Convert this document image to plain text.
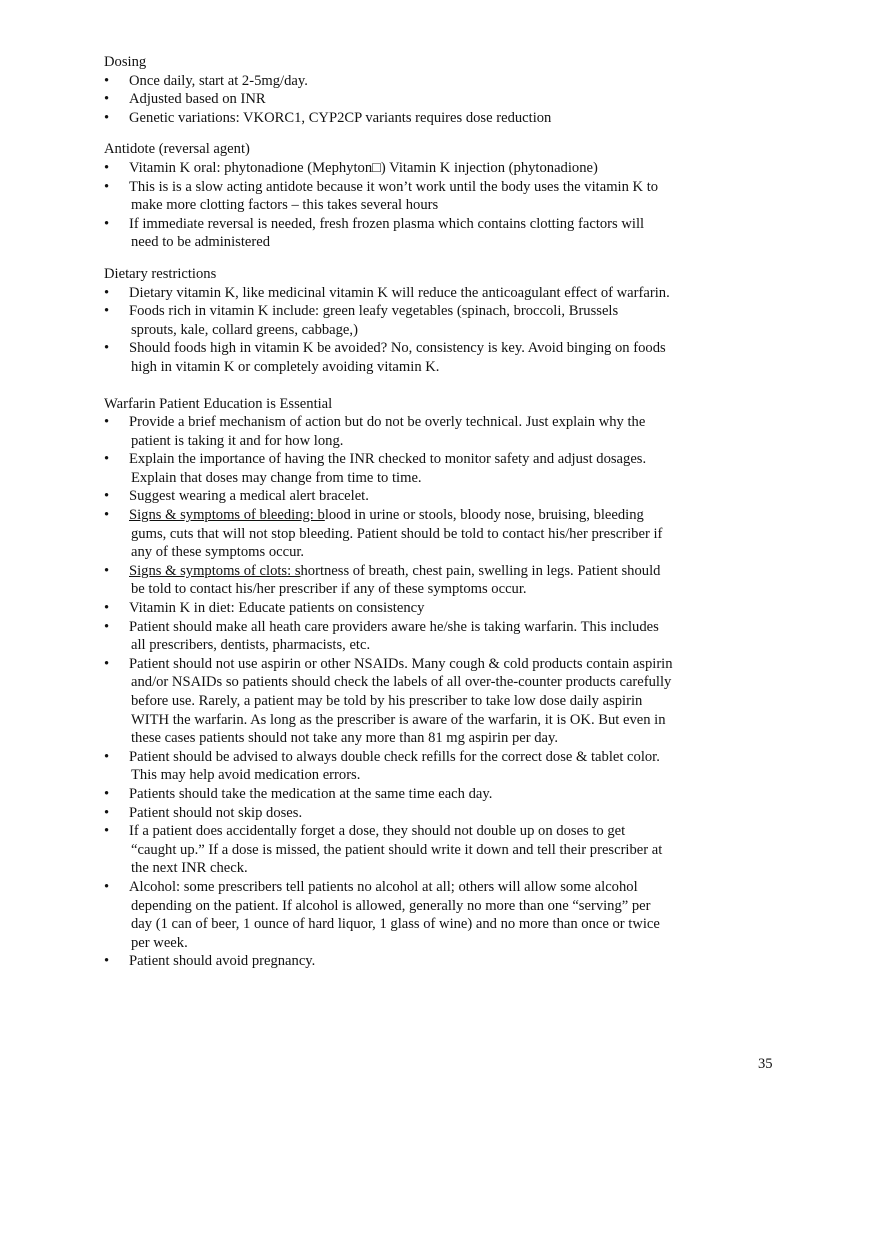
Dosing
• Once daily, start at 2-5mg/day.
• Adjusted based on INR
• Genetic variations: VKORC1, CYP2CP variants requires dose reduction
Antidote (reversal agent)
• Vitamin K oral: phytonadione (Mephyton□) Vitamin K injection (phytonadione)
• This is is a slow acting antidote because it won’t work until the body uses the vitamin K to
make more clotting factors – this takes several hours
• If immediate reversal is needed, fresh frozen plasma which contains clotting factors will
need to be administered
Dietary restrictions
• Dietary vitamin K, like medicinal vitamin K will reduce the anticoagulant effect of warfarin.
• Foods rich in vitamin K include: green leafy vegetables (spinach, broccoli, Brussels
sprouts, kale, collard greens, cabbage,)
• Should foods high in vitamin K be avoided? No, consistency is key. Avoid binging on foods
high in vitamin K or completely avoiding vitamin K.
Warfarin Patient Education is Essential
• Provide a brief mechanism of action but do not be overly technical. Just explain why the
patient is taking it and for how long.
• Explain the importance of having the INR checked to monitor safety and adjust dosages.
Explain that doses may change from time to time.
• Suggest wearing a medical alert bracelet.
• Signs & symptoms of bleeding: blood in urine or stools, bloody nose, bruising, bleeding
gums, cuts that will not stop bleeding. Patient should be told to contact his/her prescriber if
any of these symptoms occur.
• Signs & symptoms of clots: shortness of breath, chest pain, swelling in legs. Patient should
be told to contact his/her prescriber if any of these symptoms occur.
• Vitamin K in diet: Educate patients on consistency
• Patient should make all heath care providers aware he/she is taking warfarin. This includes
all prescribers, dentists, pharmacists, etc.
• Patient should not use aspirin or other NSAIDs. Many cough & cold products contain aspirin
and/or NSAIDs so patients should check the labels of all over-the-counter products carefully
before use. Rarely, a patient may be told by his prescriber to take low dose daily aspirin
WITH the warfarin. As long as the prescriber is aware of the warfarin, it is OK. But even in
these cases patients should not take any more than 81 mg aspirin per day.
• Patient should be advised to always double check refills for the correct dose & tablet color.
This may help avoid medication errors.
• Patients should take the medication at the same time each day.
• Patient should not skip doses.
• If a patient does accidentally forget a dose, they should not double up on doses to get
“caught up.” If a dose is missed, the patient should write it down and tell their prescriber at
the next INR check.
• Alcohol: some prescribers tell patients no alcohol at all; others will allow some alcohol
depending on the patient. If alcohol is allowed, generally no more than one “serving” per
day (1 can of beer, 1 ounce of hard liquor, 1 glass of wine) and no more than once or twice
per week.
• Patient should avoid pregnancy.
35
